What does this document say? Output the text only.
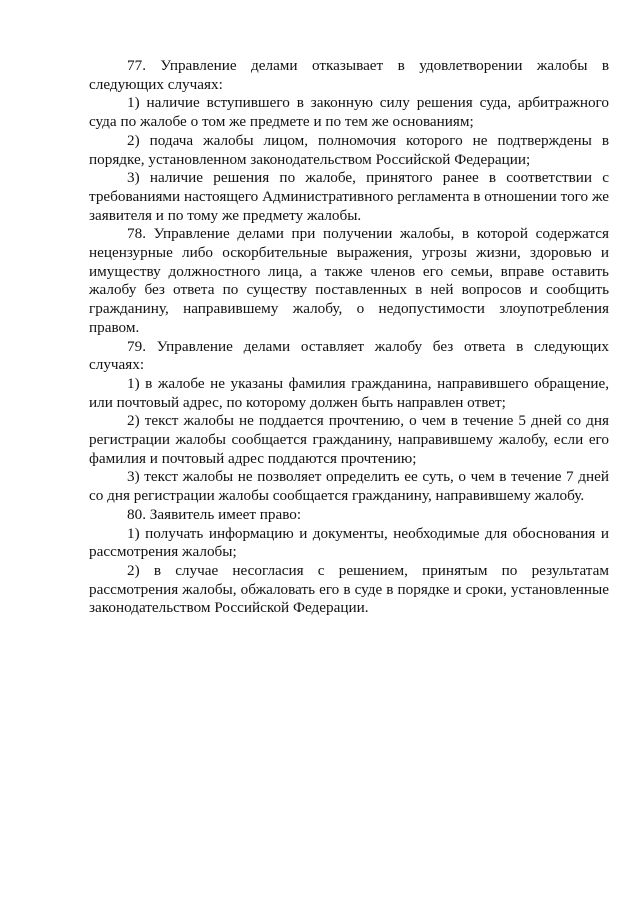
77. Управление делами отказывает в удовлетворении жалобы в следующих случаях:

1) наличие вступившего в законную силу решения суда, арбитражного суда по жалобе о том же предмете и по тем же основаниям;

2) подача жалобы лицом, полномочия которого не подтверждены в порядке, установленном законодательством Российской Федерации;

3) наличие решения по жалобе, принятого ранее в соответствии с требованиями настоящего Административного регламента в отношении того же заявителя и по тому же предмету жалобы.

78. Управление делами при получении жалобы, в которой содержатся нецензурные либо оскорбительные выражения, угрозы жизни, здоровью и имуществу должностного лица, а также членов его семьи, вправе оставить жалобу без ответа по существу поставленных в ней вопросов и сообщить гражданину, направившему жалобу, о недопустимости злоупотребления правом.

79. Управление делами оставляет жалобу без ответа в следующих случаях:

1) в жалобе не указаны фамилия гражданина, направившего обращение, или почтовый адрес, по которому должен быть направлен ответ;

2) текст жалобы не поддается прочтению, о чем в течение 5 дней со дня регистрации жалобы сообщается гражданину, направившему жалобу, если его фамилия и почтовый адрес поддаются прочтению;

3) текст жалобы не позволяет определить ее суть, о чем в течение 7 дней со дня регистрации жалобы сообщается гражданину, направившему жалобу.

80. Заявитель имеет право:

1) получать информацию и документы, необходимые для обоснования и рассмотрения жалобы;

2) в случае несогласия с решением, принятым по результатам рассмотрения жалобы, обжаловать его в суде в порядке и сроки, установленные законодательством Российской Федерации.
